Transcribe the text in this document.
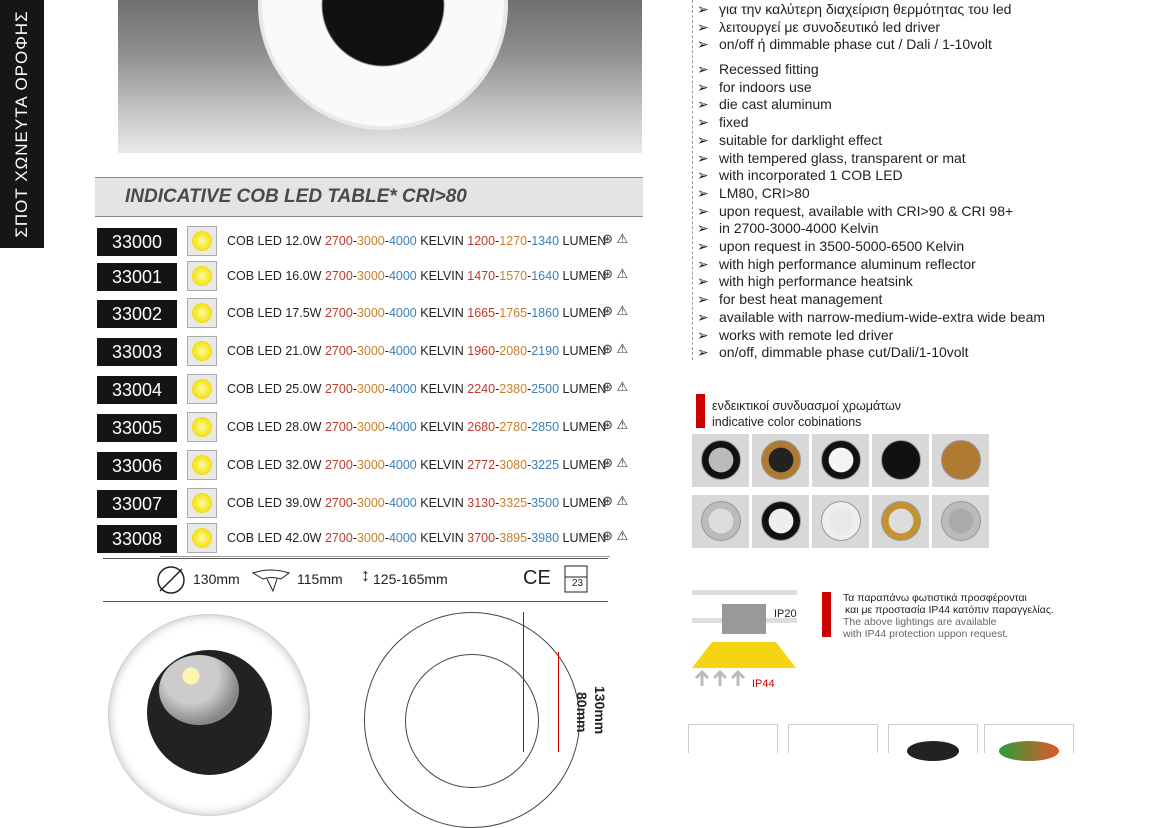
ΣΠΟΤ ΧΩΝΕΥΤΑ ΟΡΟΦΗΣ	INDICATIVE COB LED TABLE* CRI>80
33000	COB LED 12.0W 2700-3000-4000 KELVIN 1200-1270-1340 LUMEN
⊛ ⚠
33001	COB LED 16.0W 2700-3000-4000 KELVIN 1470-1570-1640 LUMEN
⊛ ⚠
33002	COB LED 17.5W 2700-3000-4000 KELVIN 1665-1765-1860 LUMEN
⊛ ⚠
33003	COB LED 21.0W 2700-3000-4000 KELVIN 1960-2080-2190 LUMEN
⊛ ⚠
33004	COB LED 25.0W 2700-3000-4000 KELVIN 2240-2380-2500 LUMEN
⊛ ⚠
33005	COB LED 28.0W 2700-3000-4000 KELVIN 2680-2780-2850 LUMEN
⊛ ⚠
33006	COB LED 32.0W 2700-3000-4000 KELVIN 2772-3080-3225 LUMEN
⊛ ⚠
33007	COB LED 39.0W 2700-3000-4000 KELVIN 3130-3325-3500 LUMEN
⊛ ⚠
33008	COB LED 42.0W 2700-3000-4000 KELVIN 3700-3895-3980 LUMEN
⊛ ⚠
130mm	115mm ↕ 125-165mm	CE 23
130mm
80mm
➢ για την καλύτερη διαχείριση θερμότητας του led
➢ λειτουργεί με συνοδευτικό led driver
➢ on/off ή dimmable phase cut / Dali / 1-10volt
➢ Recessed fitting
➢ for indoors use
➢ die cast aluminum
➢ fixed
➢ suitable for darklight effect
➢ with tempered glass, transparent or mat
➢ with incorporated 1 COB LED
➢ LM80, CRI>80
➢ upon request, available with CRI>90 & CRI 98+
➢ in 2700-3000-4000 Kelvin
➢ upon request in 3500-5000-6500 Kelvin
➢ with high performance aluminum reflector
➢ with high performance heatsink
➢ for best heat management
➢ available with narrow-medium-wide-extra wide beam
➢ works with remote led driver
➢ on/off, dimmable phase cut/Dali/1-10volt
ενδεικτικοί συνδυασμοί χρωμάτων
indicative color cobinations
IP20
IP44
Τα παραπάνω φωτιστικά προσφέρονται
και με προστασία IP44 κατόπιν παραγγελίας.
The above lightings are available
with IP44 protection uppon request.
